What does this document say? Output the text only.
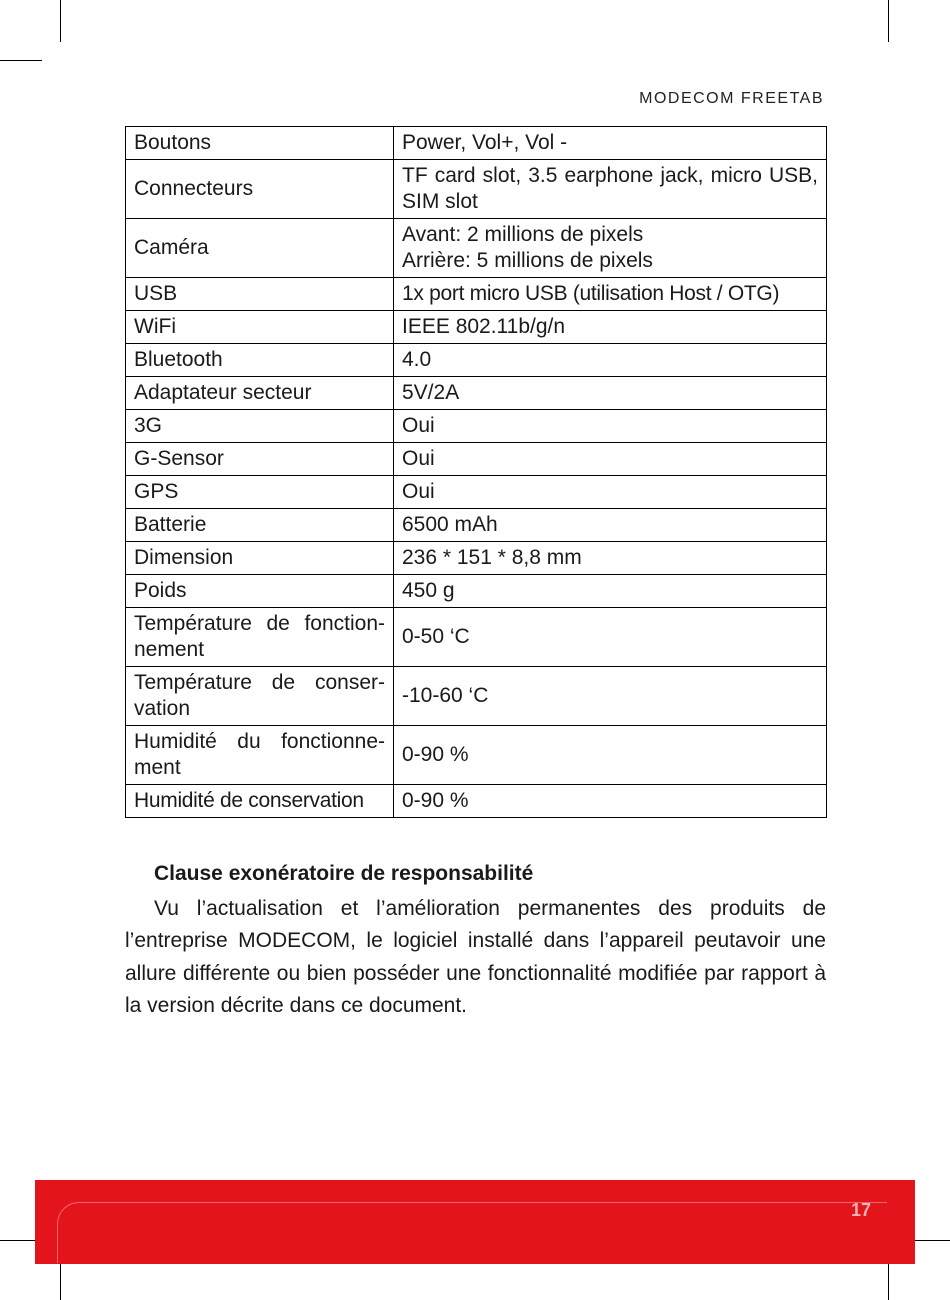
MODECOM FREETAB
Boutons	Power, Vol+, Vol -
Connecteurs	TF card slot, 3.5 earphone jack, micro USB, SIM slot
Caméra	Avant: 2 millions de pixels
Arrière: 5 millions de pixels

USB	1x port micro USB (utilisation Host / OTG)
WiFi	IEEE 802.11b/g/n
Bluetooth	4.0
Adaptateur secteur	5V/2A
3G	Oui
G-Sensor	Oui
GPS	Oui
Batterie	6500 mAh
Dimension	236 * 151 * 8,8 mm
Poids	450 g
Température de fonction-nement	0-50 ‘C
Température de conser-vation	-10-60 ‘C
Humidité du fonctionne-ment	0-90 %
Humidité de conservation	0-90 %

Clause exonératoire de responsabilité

Vu l’actualisation et l’amélioration permanentes des produits de l’entreprise MODECOM, le logiciel installé dans l’appareil peutavoir une allure différente ou bien posséder une fonctionnalité modifiée par rapport à la version décrite dans ce document.

17
